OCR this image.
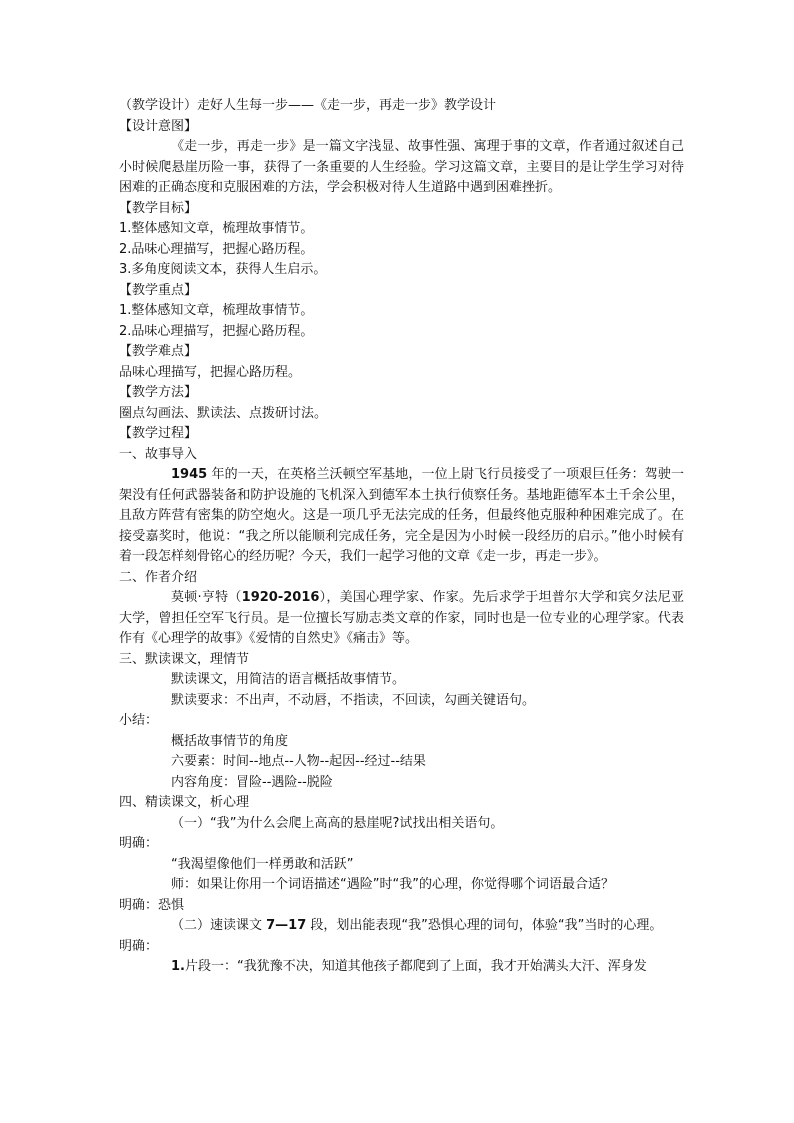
（教学设计）走好人生每一步——《走一步，再走一步》教学设计
【设计意图】
《走一步，再走一步》是一篇文字浅显、故事性强、寓理于事的文章，作者通过叙述自己小时候爬悬崖历险一事，获得了一条重要的人生经验。学习这篇文章，主要目的是让学生学习对待困难的正确态度和克服困难的方法，学会积极对待人生道路中遇到困难挫折。
【教学目标】
1.整体感知文章，梳理故事情节。
2.品味心理描写，把握心路历程。
3.多角度阅读文本，获得人生启示。
【教学重点】
1.整体感知文章，梳理故事情节。
2.品味心理描写，把握心路历程。
【教学难点】
品味心理描写，把握心路历程。
【教学方法】
圈点勾画法、默读法、点拨研讨法。
【教学过程】
一、故事导入
1945 年的一天，在英格兰沃顿空军基地，一位上尉飞行员接受了一项艰巨任务：驾驶一架没有任何武器装备和防护设施的飞机深入到德军本土执行侦察任务。基地距德军本土千余公里，且敌方阵营有密集的防空炮火。这是一项几乎无法完成的任务，但最终他克服种种困难完成了。在接受嘉奖时，他说：“我之所以能顺利完成任务，完全是因为小时候一段经历的启示。”他小时候有着一段怎样刻骨铭心的经历呢？今天，我们一起学习他的文章《走一步，再走一步》。
二、作者介绍
莫顿·亨特（1920-2016），美国心理学家、作家。先后求学于坦普尔大学和宾夕法尼亚大学，曾担任空军飞行员。是一位擅长写励志类文章的作家，同时也是一位专业的心理学家。代表作有《心理学的故事》《爱情的自然史》《痛击》等。
三、默读课文，理情节
默读课文，用简洁的语言概括故事情节。
默读要求：不出声，不动唇，不指读，不回读，勾画关键语句。
小结：
概括故事情节的角度
六要素：时间--地点--人物--起因--经过--结果
内容角度：冒险--遇险--脱险
四、精读课文，析心理
（一）“我”为什么会爬上高高的悬崖呢?试找出相关语句。
明确：
“我渴望像他们一样勇敢和活跃”
师：如果让你用一个词语描述“遇险”时“我”的心理，你觉得哪个词语最合适？
明确：恐惧
（二）速读课文 7—17 段，划出能表现“我”恐惧心理的词句，体验“我”当时的心理。
明确：
1.片段一：“我犹豫不决，知道其他孩子都爬到了上面，我才开始满头大汗、浑身发
